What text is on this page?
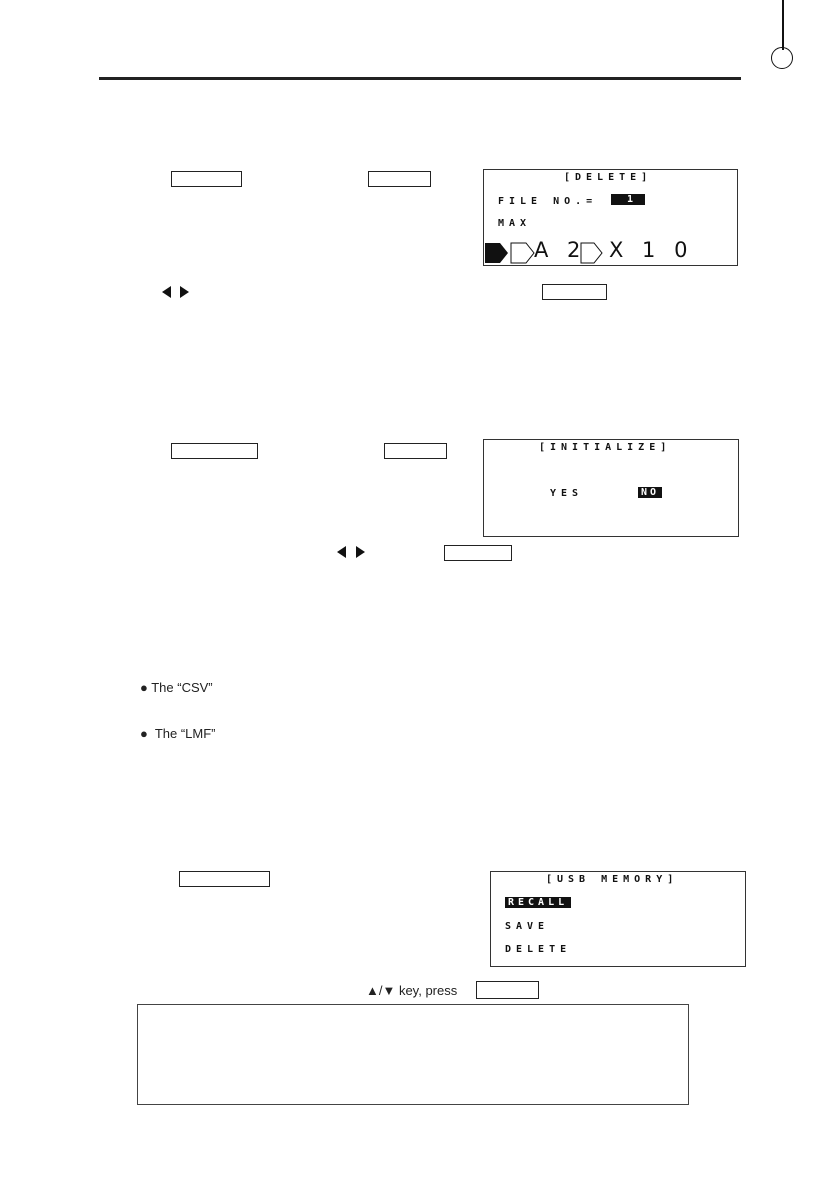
[DELETE]
FILE NO.=	1
MAX
A 2 X 1 0
[INITIALIZE]
YES	NO
● The “CSV”
●  The “LMF”
[USB MEMORY]
RECALL
SAVE
DELETE
▲/▼ key, press
